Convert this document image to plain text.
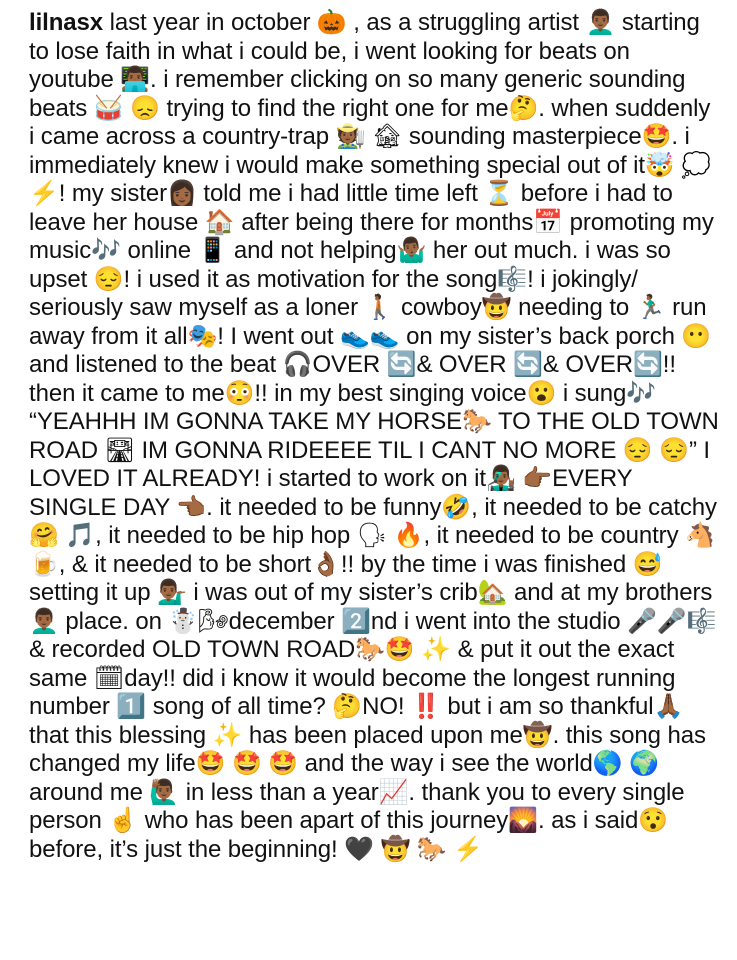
lilnasx last year in october 🎃 , as a struggling artist 👨🏾‍🦱 starting to lose faith in what i could be, i went looking for beats on youtube 👨🏾‍💻. i remember clicking on so many generic sounding beats 🥁 😞 trying to find the right one for me🤔. when suddenly i came across a country-trap 🧑🏾‍🌾 🏚 sounding masterpiece🤩. i immediately knew i would make something special out of it🤯 💭 ⚡️! my sister👩🏾 told me i had little time left ⏳ before i had to leave her house 🏠 after being there for months📅 promoting my music🎶 online 📱 and not helping🤷🏾‍♂️ her out much. i was so upset 😔! i used it as motivation for the song🎼! i jokingly/ seriously saw myself as a loner 🚶🏾 cowboy🤠 needing to 🏃🏾‍♂️ run away from it all🎭! I went out 👟👟 on my sister’s back porch 😶 and listened to the beat 🎧OVER 🔄& OVER 🔄& OVER🔄!! then it came to me😳!! in my best singing voice😮 i sung🎶 “YEAHHH IM GONNA TAKE MY HORSE🐎 TO THE OLD TOWN ROAD 🛣 IM GONNA RIDEEEE TIL I CANT NO MORE 😔 😔” I LOVED IT ALREADY! i started to work on it👨🏾‍🎤 👉🏾EVERY SINGLE DAY 👈🏾. it needed to be funny🤣, it needed to be catchy🤗 🎵, it needed to be hip hop 🗣 🔥, it needed to be country 🐴 🍺, & it needed to be short👌🏾!! by the time i was finished 😅 setting it up 💁🏾‍♂️ i was out of my sister’s crib🏡 and at my brothers 👨🏾‍🦱 place. on ☃️🌬december 2️⃣nd i went into the studio 🎤🎤🎼 & recorded OLD TOWN ROAD🐎🤩 ✨ & put it out the exact same 🗓day!! did i know it would become the longest running number 1️⃣ song of all time? 🤔NO! ‼️ but i am so thankful🙏🏾 that this blessing ✨ has been placed upon me🤠. this song has changed my life🤩 🤩 🤩 and the way i see the world🌎 🌍around me 🙋🏾‍♂️ in less than a year📈. thank you to every single person ☝️ who has been apart of this journey🌄. as i said😯 before, it’s just the beginning! 🖤 🤠 🐎 ⚡️
